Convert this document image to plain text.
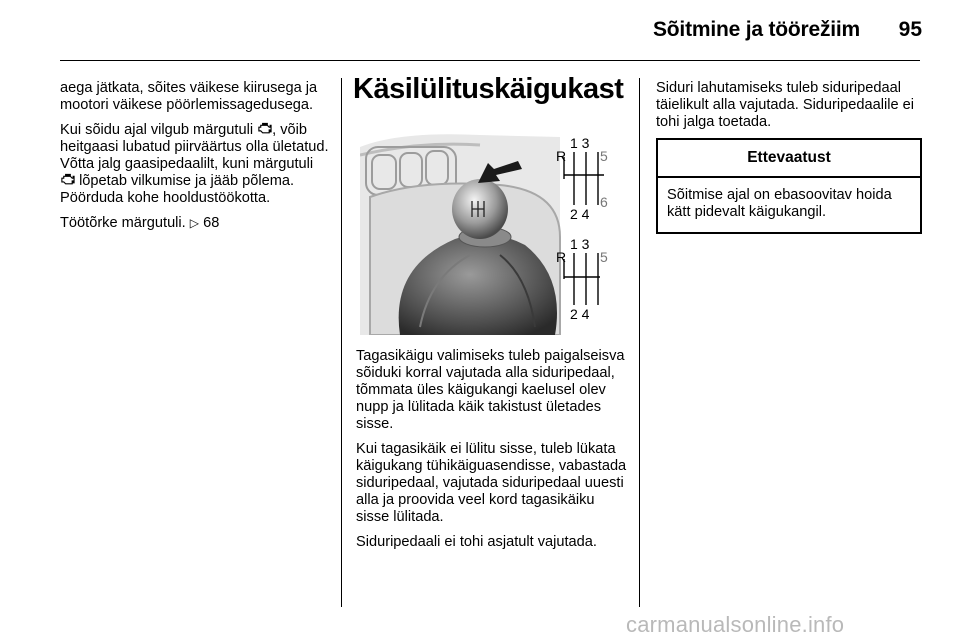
Sõitmine ja töörežiim	95

aega jätkata, sõites väikese kiirusega ja mootori väikese pöörlemissagedusega.

Kui sõidu ajal vilgub märgutuli , võib heitgaasi lubatud piirväärtus olla ületatud. Võtta jalg gaasipedaalilt, kuni märgutuli
lõpetab vilkumise ja jääb põlema. Pöörduda kohe hooldustöökotta.

Töötõrke märgutuli. ▷ 68

Käsilülituskäigukast
1 3
2 4
5
6
R
1 3
2 4
5
R

Tagasikäigu valimiseks tuleb paigalseisva sõiduki korral vajutada alla siduripedaal, tõmmata üles käigukangi kaelusel olev nupp ja lülitada käik takistust ületades sisse.

Kui tagasikäik ei lülitu sisse, tuleb lükata käigukang tühikäiguasendisse, vabastada siduripedaal, vajutada siduripedaal uuesti alla ja proovida veel kord tagasikäiku sisse lülitada.

Siduripedaali ei tohi asjatult vajutada.

Siduri lahutamiseks tuleb siduripedaal täielikult alla vajutada. Siduripedaalile ei tohi jalga toetada.

Ettevaatust
Sõitmise ajal on ebasoovitav hoida kätt pidevalt käigukangil.
carmanualsonline.info
